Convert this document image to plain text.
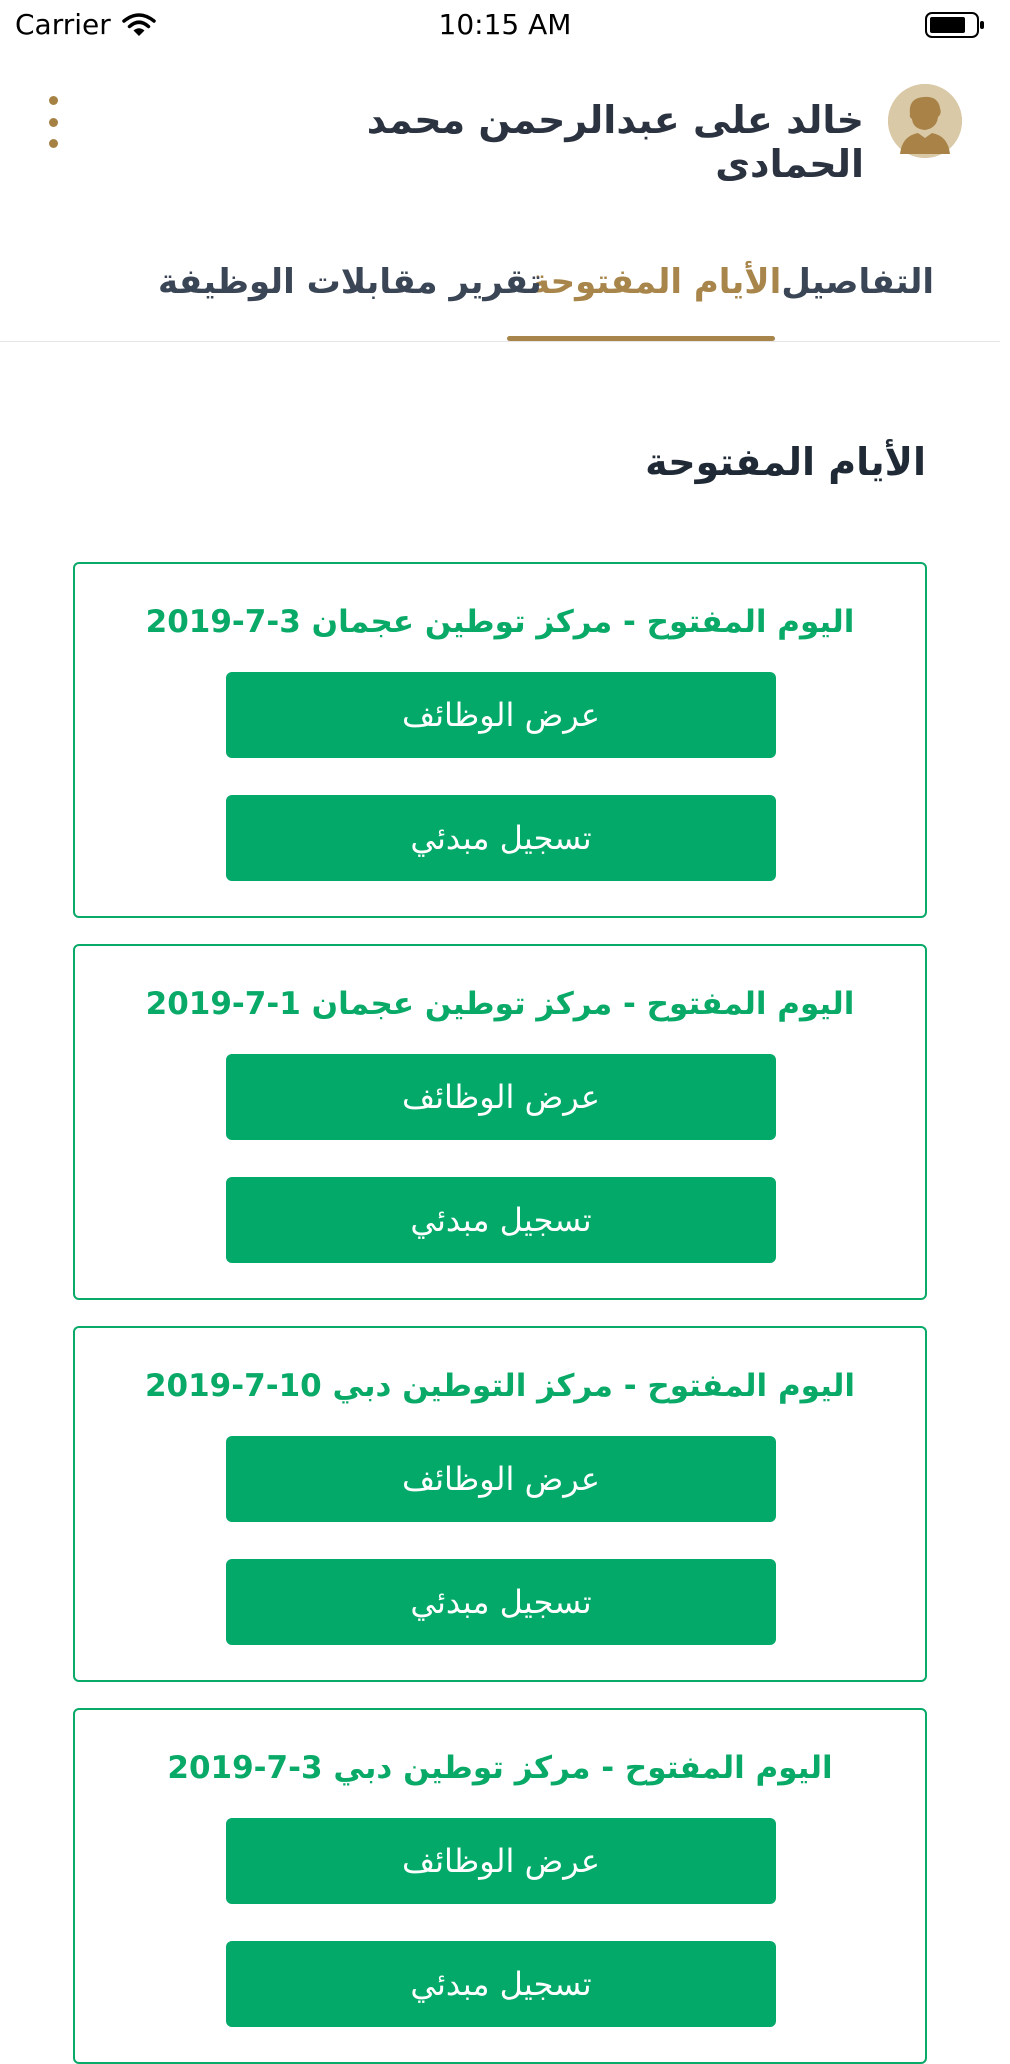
Carrier	10:15 AM
خالد على عبدالرحمن محمد الحمادى
التفاصيل
الأيام المفتوحة
تقرير مقابلات الوظيفة
الأيام المفتوحة
اليوم المفتوح - مركز توطين عجمان 3-7-2019
عرض الوظائف
تسجيل مبدئي
اليوم المفتوح - مركز توطين عجمان 1-7-2019
عرض الوظائف
تسجيل مبدئي
اليوم المفتوح - مركز التوطين دبي 10-7-2019
عرض الوظائف
تسجيل مبدئي
اليوم المفتوح - مركز توطين دبي 3-7-2019
عرض الوظائف
تسجيل مبدئي
